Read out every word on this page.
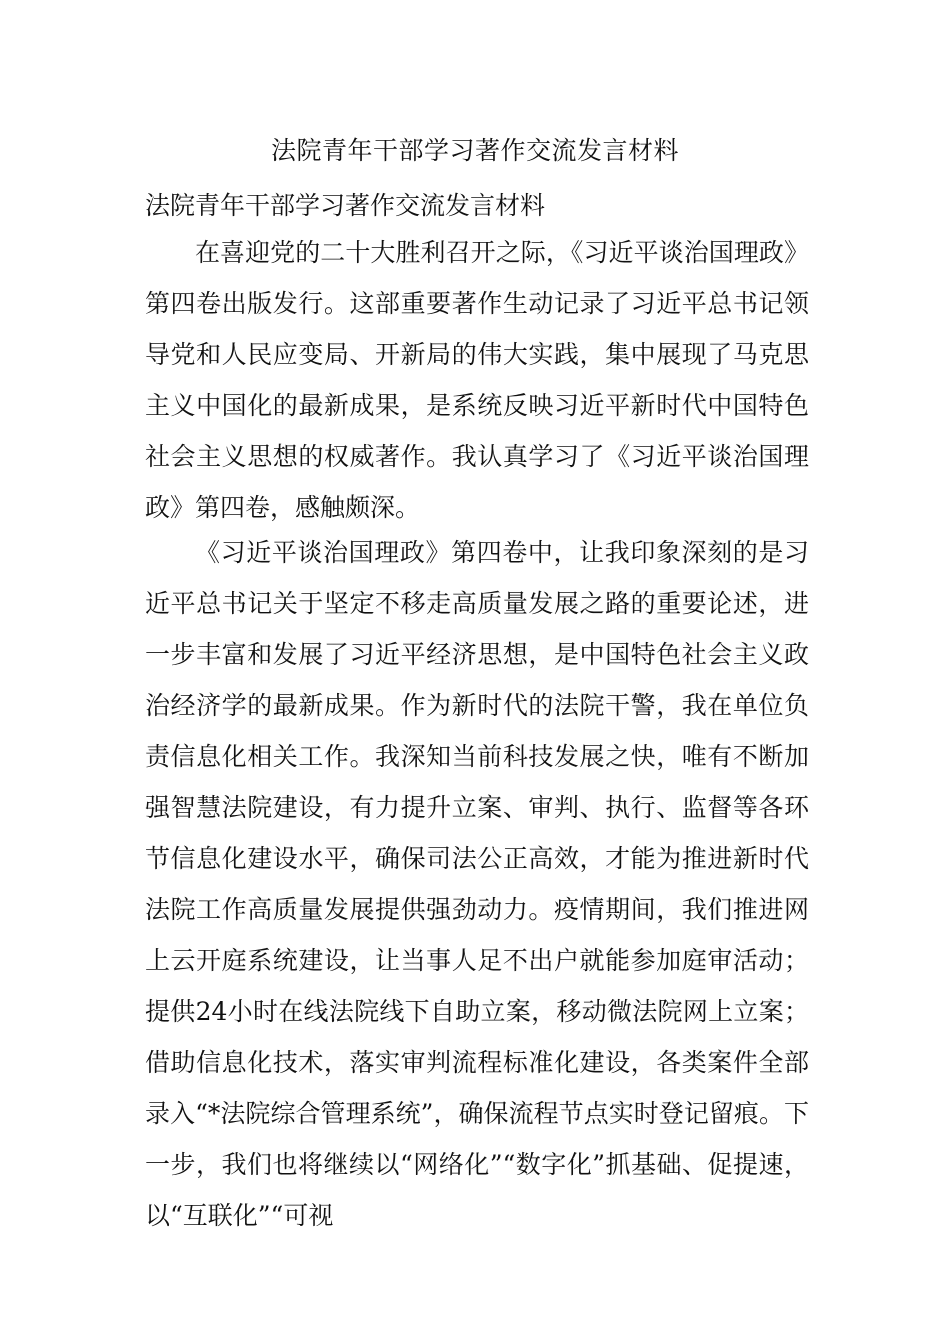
法院青年干部学习著作交流发言材料

法院青年干部学习著作交流发言材料

在喜迎党的二十大胜利召开之际，《习近平谈治国理政》第四卷出版发行。这部重要著作生动记录了习近平总书记领导党和人民应变局、开新局的伟大实践，集中展现了马克思主义中国化的最新成果，是系统反映习近平新时代中国特色社会主义思想的权威著作。我认真学习了《习近平谈治国理政》第四卷，感触颇深。

《习近平谈治国理政》第四卷中，让我印象深刻的是习近平总书记关于坚定不移走高质量发展之路的重要论述，进一步丰富和发展了习近平经济思想，是中国特色社会主义政治经济学的最新成果。作为新时代的法院干警，我在单位负责信息化相关工作。我深知当前科技发展之快，唯有不断加强智慧法院建设，有力提升立案、审判、执行、监督等各环节信息化建设水平，确保司法公正高效，才能为推进新时代法院工作高质量发展提供强劲动力。疫情期间，我们推进网上云开庭系统建设，让当事人足不出户就能参加庭审活动；提供24小时在线法院线下自助立案，移动微法院网上立案；借助信息化技术，落实审判流程标准化建设，各类案件全部录入“*法院综合管理系统”，确保流程节点实时登记留痕。下一步，我们也将继续以“网络化”“数字化”抓基础、促提速，以“互联化”“可视
